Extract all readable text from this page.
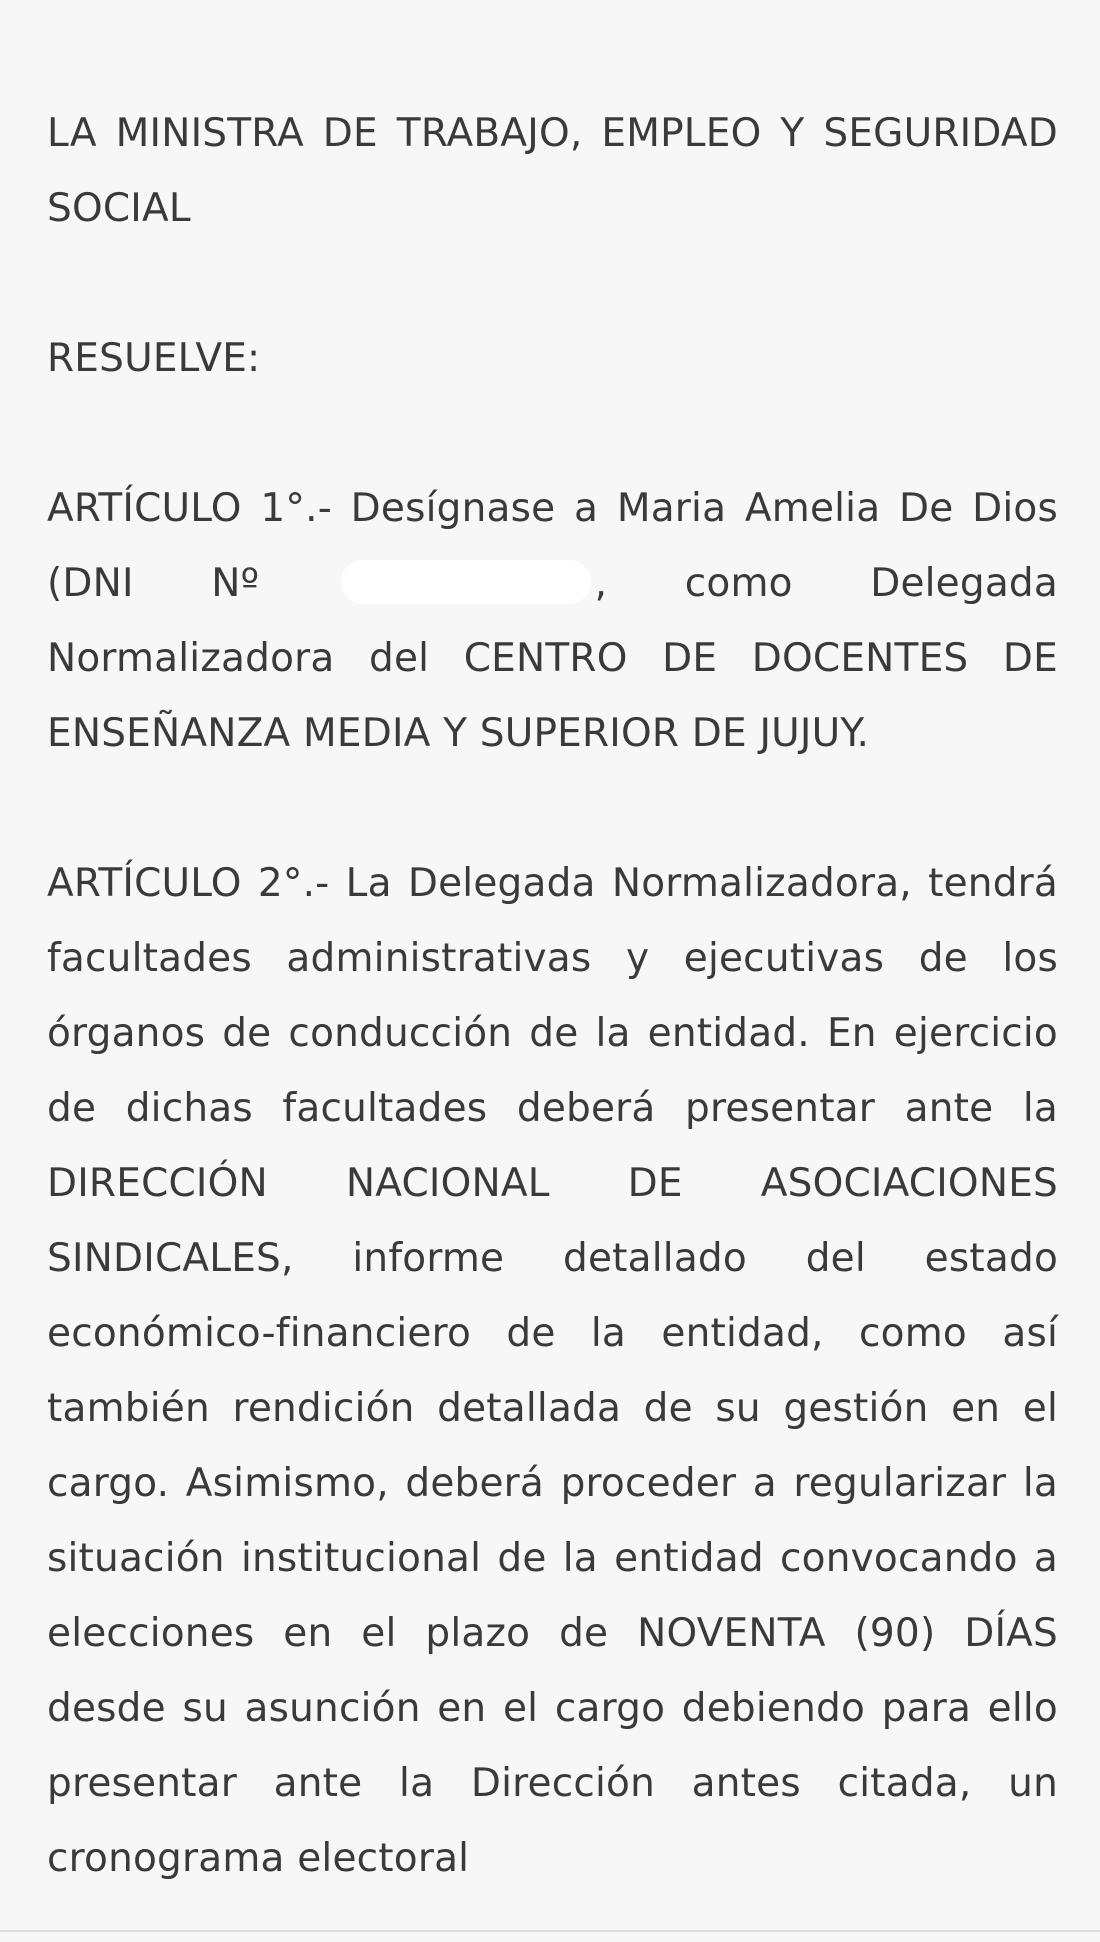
LA MINISTRA DE TRABAJO, EMPLEO Y SEGURIDAD SOCIAL

RESUELVE:

ARTÍCULO 1°.- Desígnase a Maria Amelia De Dios (DNI Nº	, como Delegada Normalizadora del CENTRO DE DOCENTES DE ENSEÑANZA MEDIA Y SUPERIOR DE JUJUY.

ARTÍCULO 2°.- La Delegada Normalizadora, tendrá facultades administrativas y ejecutivas de los órganos de conducción de la entidad. En ejercicio de dichas facultades deberá presentar ante la DIRECCIÓN NACIONAL DE ASOCIACIONES SINDICALES, informe detallado del estado económico-financiero de la entidad, como así también rendición detallada de su gestión en el cargo. Asimismo, deberá proceder a regularizar la situación institucional de la entidad convocando a elecciones en el plazo de NOVENTA (90) DÍAS desde su asunción en el cargo debiendo para ello presentar ante la Dirección antes citada, un cronograma electoral
